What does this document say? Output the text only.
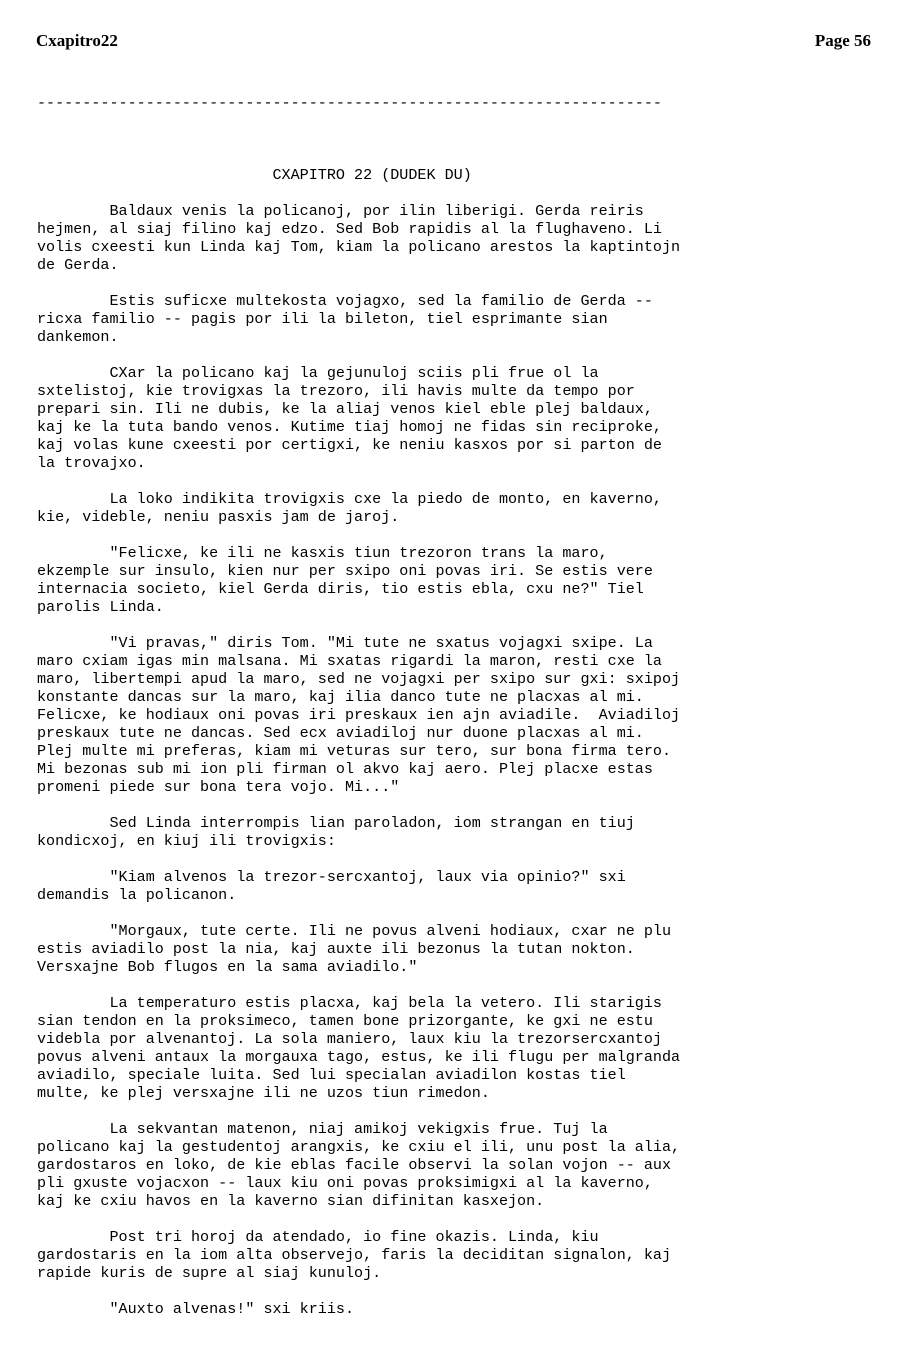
Cxapitro22	Page 56

---------------------------------------------------------------------

CXAPITRO 22 (DUDEK DU)
Baldaux venis la policanoj, por ilin liberigi. Gerda reiris
hejmen, al siaj filino kaj edzo. Sed Bob rapidis al la flughaveno. Li
volis cxeesti kun Linda kaj Tom, kiam la policano arestos la kaptintojn
de Gerda.
Estis suficxe multekosta vojagxo, sed la familio de Gerda --
ricxa familio -- pagis por ili la bileton, tiel esprimante sian
dankemon.
CXar la policano kaj la gejunuloj sciis pli frue ol la
sxtelistoj, kie trovigxas la trezoro, ili havis multe da tempo por
prepari sin. Ili ne dubis, ke la aliaj venos kiel eble plej baldaux,
kaj ke la tuta bando venos. Kutime tiaj homoj ne fidas sin reciproke,
kaj volas kune cxeesti por certigxi, ke neniu kasxos por si parton de
la trovajxo.
La loko indikita trovigxis cxe la piedo de monto, en kaverno,
kie, videble, neniu pasxis jam de jaroj.
"Felicxe, ke ili ne kasxis tiun trezoron trans la maro,
ekzemple sur insulo, kien nur per sxipo oni povas iri. Se estis vere
internacia societo, kiel Gerda diris, tio estis ebla, cxu ne?" Tiel
parolis Linda.
"Vi pravas," diris Tom. "Mi tute ne sxatus vojagxi sxipe. La
maro cxiam igas min malsana. Mi sxatas rigardi la maron, resti cxe la
maro, libertempi apud la maro, sed ne vojagxi per sxipo sur gxi: sxipoj
konstante dancas sur la maro, kaj ilia danco tute ne placxas al mi.
Felicxe, ke hodiaux oni povas iri preskaux ien ajn aviadile.  Aviadiloj
preskaux tute ne dancas. Sed ecx aviadiloj nur duone placxas al mi.
Plej multe mi preferas, kiam mi veturas sur tero, sur bona firma tero.
Mi bezonas sub mi ion pli firman ol akvo kaj aero. Plej placxe estas
promeni piede sur bona tera vojo. Mi..."
Sed Linda interrompis lian paroladon, iom strangan en tiuj
kondicxoj, en kiuj ili trovigxis:
"Kiam alvenos la trezor-sercxantoj, laux via opinio?" sxi
demandis la policanon.
"Morgaux, tute certe. Ili ne povus alveni hodiaux, cxar ne plu
estis aviadilo post la nia, kaj auxte ili bezonus la tutan nokton.
Versxajne Bob flugos en la sama aviadilo."
La temperaturo estis placxa, kaj bela la vetero. Ili starigis
sian tendon en la proksimeco, tamen bone prizorgante, ke gxi ne estu
videbla por alvenantoj. La sola maniero, laux kiu la trezorsercxantoj
povus alveni antaux la morgauxa tago, estus, ke ili flugu per malgranda
aviadilo, speciale luita. Sed lui specialan aviadilon kostas tiel
multe, ke plej versxajne ili ne uzos tiun rimedon.
La sekvantan matenon, niaj amikoj vekigxis frue. Tuj la
policano kaj la gestudentoj arangxis, ke cxiu el ili, unu post la alia,
gardostaros en loko, de kie eblas facile observi la solan vojon -- aux
pli gxuste vojacxon -- laux kiu oni povas proksimigxi al la kaverno,
kaj ke cxiu havos en la kaverno sian difinitan kasxejon.
Post tri horoj da atendado, io fine okazis. Linda, kiu
gardostaris en la iom alta observejo, faris la deciditan signalon, kaj
rapide kuris de supre al siaj kunuloj.
"Auxto alvenas!" sxi kriis.
